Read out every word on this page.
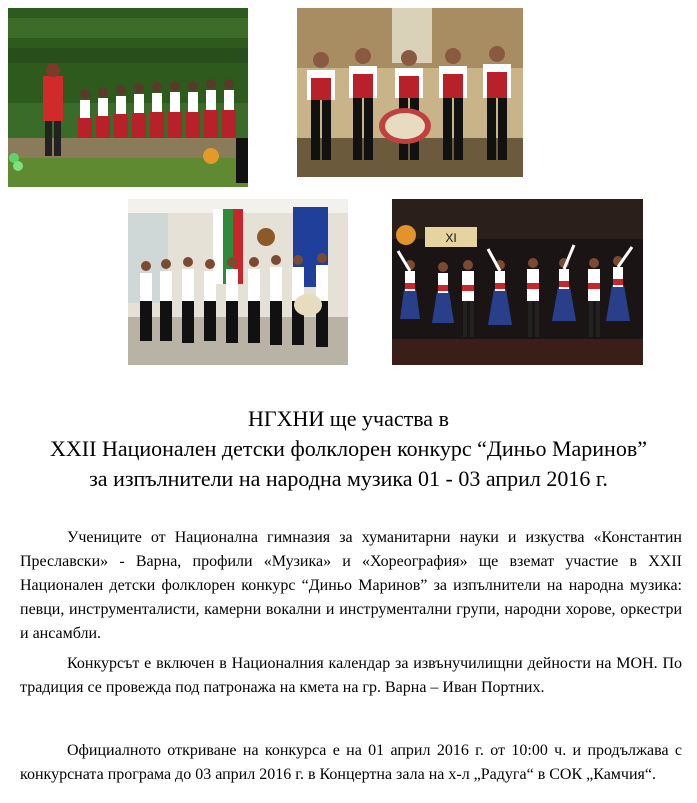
XI
НГХНИ ще участва в
XXII Национален детски фолклорен конкурс “Диньо Маринов”
за изпълнители на народна музика 01 - 03 април 2016 г.

Учениците от Национална гимназия за хуманитарни науки и изкуства «Константин Преславски» - Варна, профили «Музика» и «Хореография» ще вземат участие в XXII Национален детски фолклорен конкурс “Диньо Маринов” за изпълнители на народна музика: певци, инструменталисти, камерни вокални и инструментални групи, народни хорове, оркестри и ансамбли.

Конкурсът е включен в Националния календар за извънучилищни дейности на МОН. По традиция се провежда под патронажа на кмета на гр. Варна – Иван Портних.

Официалното откриване на конкурса е на 01 април 2016 г. от 10:00 ч. и продължава с конкурсната програма до 03 април 2016 г. в Концертна зала на х-л „Радуга“ в СОК „Камчия“.
